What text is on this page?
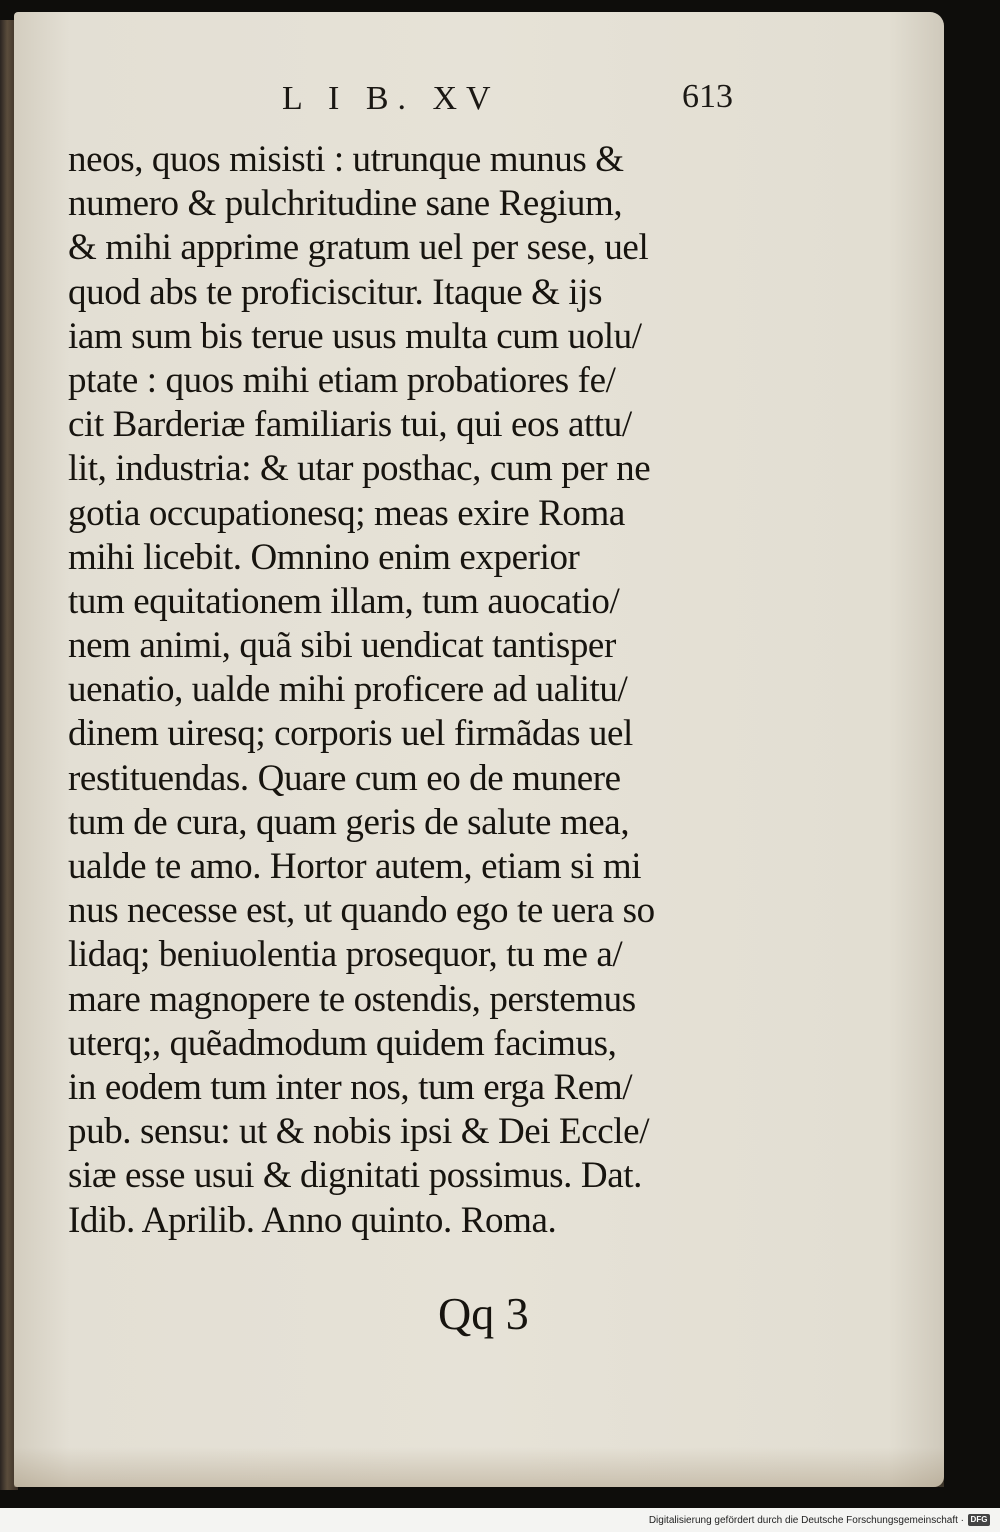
L I B. XV	613
neos, quos misisti : utrunque munus &
numero & pulchritudine sane Regium,
& mihi apprime gratum uel per sese, uel
quod abs te proficiscitur. Itaque & ijs
iam sum bis terue usus multa cum uolu/
ptate : quos mihi etiam probatiores fe/
cit Barderiæ familiaris tui, qui eos attu/
lit, industria: & utar posthac, cum per ne
gotia occupationesq; meas exire Roma
mihi licebit. Omnino enim experior
tum equitationem illam, tum auocatio/
nem animi, quã sibi uendicat tantisper
uenatio, ualde mihi proficere ad ualitu/
dinem uiresq; corporis uel firmãdas uel
restituendas. Quare cum eo de munere
tum de cura, quam geris de salute mea,
ualde te amo. Hortor autem, etiam si mi
nus necesse est, ut quando ego te uera so
lidaq; beniuolentia prosequor, tu me a/
mare magnopere te ostendis, perstemus
uterq;, quẽadmodum quidem facimus,
in eodem tum inter nos, tum erga Rem/
pub. sensu: ut & nobis ipsi & Dei Eccle/
siæ esse usui & dignitati possimus. Dat.
Idib. Aprilib. Anno quinto. Roma.
Qq 3
Digitalisierung gefördert durch die Deutsche Forschungsgemeinschaft · DFG
